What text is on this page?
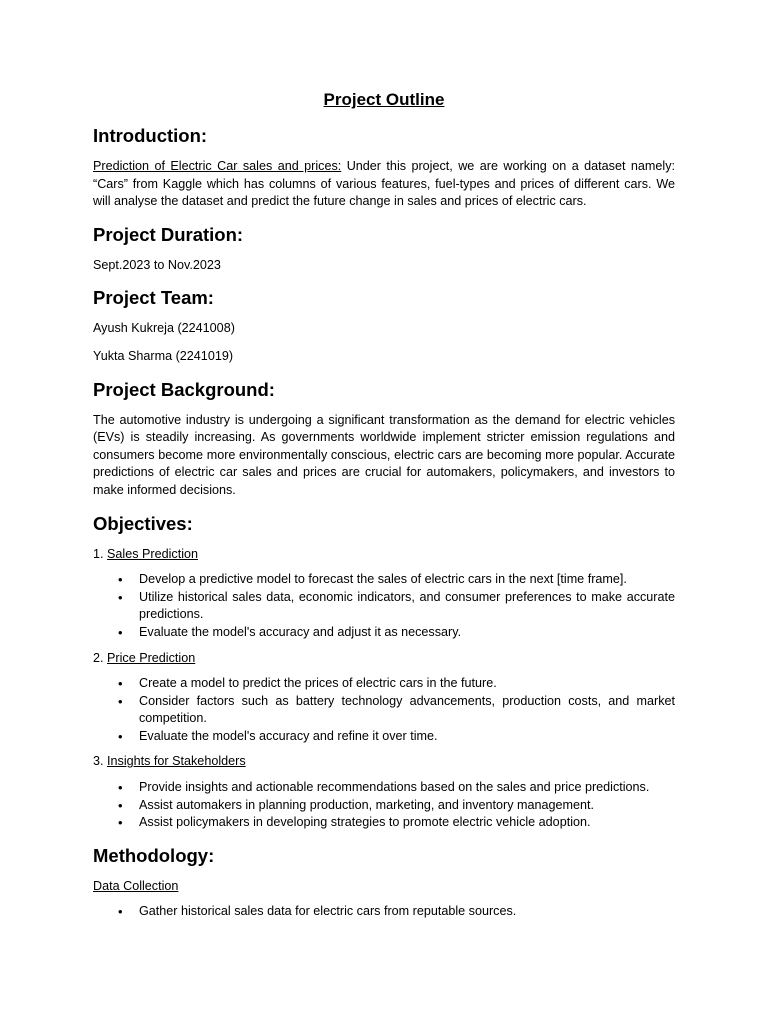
Project Outline
Introduction:

Prediction of Electric Car sales and prices: Under this project, we are working on a dataset namely: “Cars” from Kaggle which has columns of various features, fuel-types and prices of different cars. We will analyse the dataset and predict the future change in sales and prices of electric cars.

Project Duration:

Sept.2023 to Nov.2023

Project Team:

Ayush Kukreja (2241008)

Yukta Sharma (2241019)

Project Background:

The automotive industry is undergoing a significant transformation as the demand for electric vehicles (EVs) is steadily increasing. As governments worldwide implement stricter emission regulations and consumers become more environmentally conscious, electric cars are becoming more popular. Accurate predictions of electric car sales and prices are crucial for automakers, policymakers, and investors to make informed decisions.

Objectives:

1. Sales Prediction

• Develop a predictive model to forecast the sales of electric cars in the next [time frame].
• Utilize historical sales data, economic indicators, and consumer preferences to make accurate predictions.
• Evaluate the model's accuracy and adjust it as necessary.

2. Price Prediction

• Create a model to predict the prices of electric cars in the future.
• Consider factors such as battery technology advancements, production costs, and market competition.
• Evaluate the model's accuracy and refine it over time.

3. Insights for Stakeholders

• Provide insights and actionable recommendations based on the sales and price predictions.
• Assist automakers in planning production, marketing, and inventory management.
• Assist policymakers in developing strategies to promote electric vehicle adoption.
Methodology:

Data Collection

• Gather historical sales data for electric cars from reputable sources.
